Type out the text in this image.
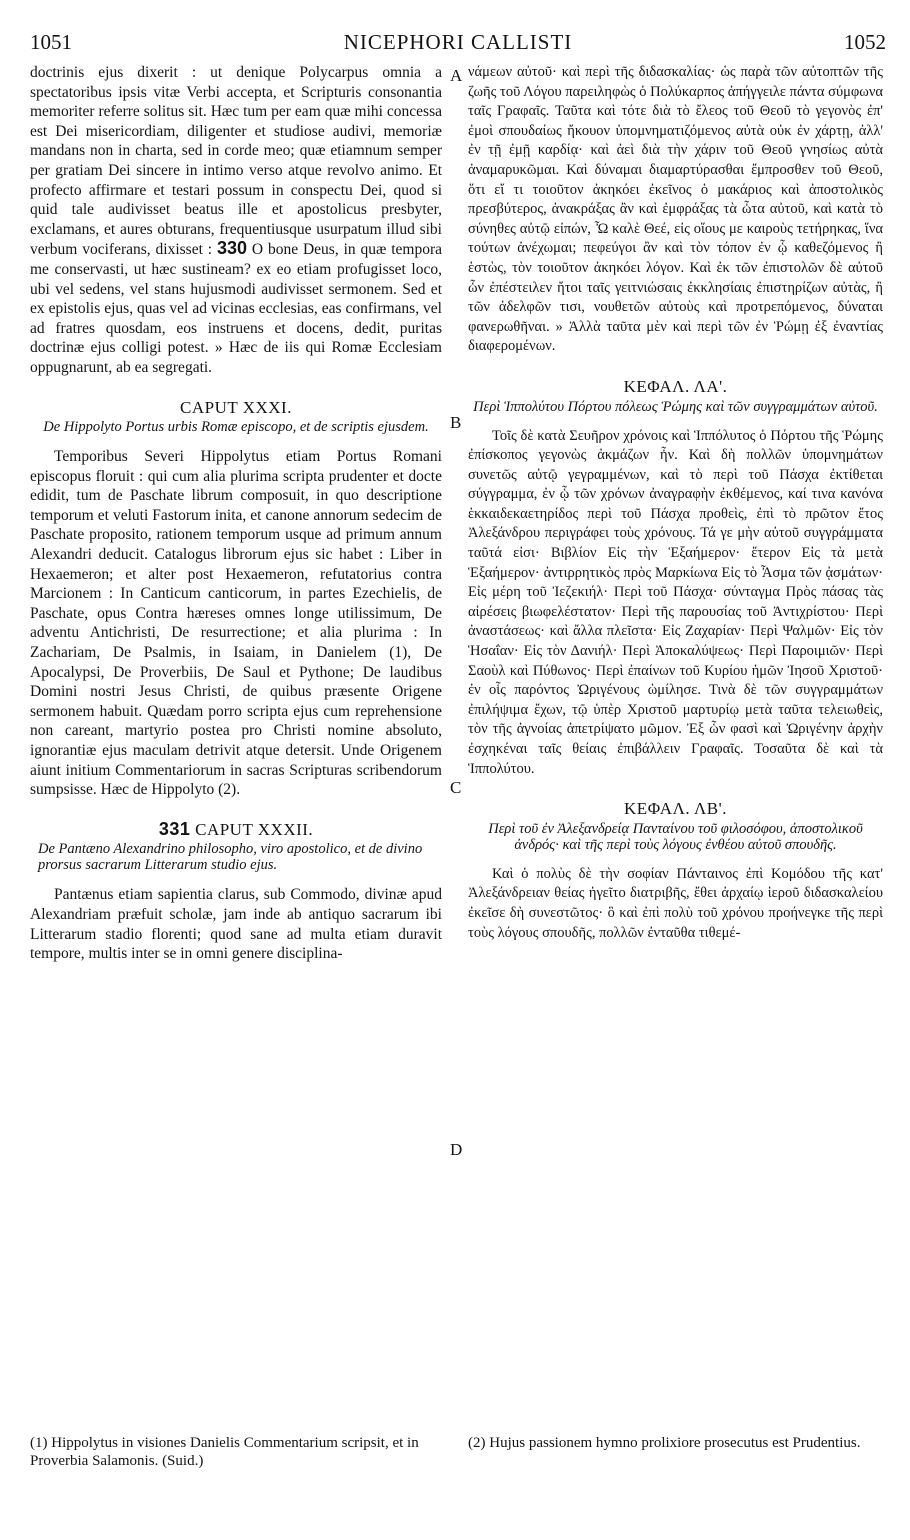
1051	NICEPHORI CALLISTI	1052

doctrinis ejus dixerit : ut denique Polycarpus omnia a spectatoribus ipsis vitæ Verbi accepta, et Scripturis consonantia memoriter referre solitus sit. Hæc tum per eam quæ mihi concessa est Dei misericordiam, diligenter et studiose audivi, memoriæ mandans non in charta, sed in corde meo; quæ etiamnum semper per gratiam Dei sincere in intimo verso atque revolvo animo. Et profecto affirmare et testari possum in conspectu Dei, quod si quid tale audivisset beatus ille et apostolicus presbyter, exclamans, et aures obturans, frequentiusque usurpatum illud sibi verbum vociferans, dixisset : 330 O bone Deus, in quæ tempora me conservasti, ut hæc sustineam? ex eo etiam profugisset loco, ubi vel sedens, vel stans hujusmodi audivisset sermonem. Sed et ex epistolis ejus, quas vel ad vicinas ecclesias, eas confirmans, vel ad fratres quosdam, eos instruens et docens, dedit, puritas doctrinæ ejus colligi potest. » Hæc de iis qui Romæ Ecclesiam oppugnarunt, ab ea segregati.

CAPUT XXXI.
De Hippolyto Portus urbis Romæ episcopo, et de scriptis ejusdem.

Temporibus Severi Hippolytus etiam Portus Romani episcopus floruit : qui cum alia plurima scripta prudenter et docte edidit, tum de Paschate librum composuit, in quo descriptione temporum et veluti Fastorum inita, et canone annorum sedecim de Paschate proposito, rationem temporum usque ad primum annum Alexandri deducit. Catalogus librorum ejus sic habet : Liber in Hexaemeron; et alter post Hexaemeron, refutatorius contra Marcionem : In Canticum canticorum, in partes Ezechielis, de Paschate, opus Contra hæreses omnes longe utilissimum, De adventu Antichristi, De resurrectione; et alia plurima : In Zachariam, De Psalmis, in Isaiam, in Danielem (1), De Apocalypsi, De Proverbiis, De Saul et Pythone; De laudibus Domini nostri Jesus Christi, de quibus præsente Origene sermonem habuit. Quædam porro scripta ejus cum reprehensione non careant, martyrio postea pro Christi nomine absoluto, ignorantiæ ejus maculam detrivit atque detersit. Unde Origenem aiunt initium Commentariorum in sacras Scripturas scribendorum sumpsisse. Hæc de Hippolyto (2).

331 CAPUT XXXII.
De Pantæno Alexandrino philosopho, viro apostolico, et de divino prorsus sacrarum Litterarum studio ejus.

Pantænus etiam sapientia clarus, sub Commodo, divinæ apud Alexandriam præfuit scholæ, jam inde ab antiquo sacrarum ibi Litterarum stadio florenti; quod sane ad multa etiam duravit tempore, multis inter se in omni genere disciplina-

A
B
C
D

νάμεων αὐτοῦ· καὶ περὶ τῆς διδασκαλίας· ὡς παρὰ τῶν αὐτοπτῶν τῆς ζωῆς τοῦ Λόγου παρειληφὼς ὁ Πολύκαρπος ἀπήγγειλε πάντα σύμφωνα ταῖς Γραφαῖς. Ταῦτα καὶ τότε διὰ τὸ ἔλεος τοῦ Θεοῦ τὸ γεγονὸς ἐπ' ἐμοὶ σπουδαίως ἤκουον ὑπομνηματιζόμενος αὐτὰ οὐκ ἐν χάρτῃ, ἀλλ' ἐν τῇ ἐμῇ καρδίᾳ· καὶ ἀεὶ διὰ τὴν χάριν τοῦ Θεοῦ γνησίως αὐτὰ ἀναμαρυκῶμαι. Καὶ δύναμαι διαμαρτύρασθαι ἔμπροσθεν τοῦ Θεοῦ, ὅτι εἴ τι τοιοῦτον ἀκηκόει ἐκεῖνος ὁ μακάριος καὶ ἀποστολικὸς πρεσβύτερος, ἀνακράξας ἂν καὶ ἐμφράξας τὰ ὦτα αὐτοῦ, καὶ κατὰ τὸ σύνηθες αὐτῷ εἰπών, Ὦ καλὲ Θεέ, εἰς οἵους με καιροὺς τετήρηκας, ἵνα τούτων ἀνέχωμαι; πεφεύγοι ἂν καὶ τὸν τόπον ἐν ᾧ καθεζόμενος ἢ ἑστὼς, τὸν τοιοῦτον ἀκηκόει λόγον. Καὶ ἐκ τῶν ἐπιστολῶν δὲ αὐτοῦ ὧν ἐπέστειλεν ἤτοι ταῖς γειτνιώσαις ἐκκλησίαις ἐπιστηρίζων αὐτὰς, ἢ τῶν ἀδελφῶν τισι, νουθετῶν αὐτοὺς καὶ προτρεπόμενος, δύναται φανερωθῆναι. » Ἀλλὰ ταῦτα μὲν καὶ περὶ τῶν ἐν Ῥώμῃ ἐξ ἐναντίας διαφερομένων.

ΚΕΦΑΛ. ΛΑ'.
Περὶ Ἱππολύτου Πόρτου πόλεως Ῥώμης καὶ τῶν συγγραμμάτων αὐτοῦ.

Τοῖς δὲ κατὰ Σευῆρον χρόνοις καὶ Ἱππόλυτος ὁ Πόρτου τῆς Ῥώμης ἐπίσκοπος γεγονὼς ἀκμάζων ἦν. Καὶ δὴ πολλῶν ὑπομνημάτων συνετῶς αὐτῷ γεγραμμένων, καὶ τὸ περὶ τοῦ Πάσχα ἐκτίθεται σύγγραμμα, ἐν ᾧ τῶν χρόνων ἀναγραφὴν ἐκθέμενος, καί τινα κανόνα ἑκκαιδεκαετηρίδος περὶ τοῦ Πάσχα προθεὶς, ἐπὶ τὸ πρῶτον ἔτος Ἀλεξάνδρου περιγράφει τοὺς χρόνους. Τά γε μὴν αὐτοῦ συγγράμματα ταῦτά εἰσι· Βιβλίον Εἰς τὴν Ἑξαήμερον· ἕτερον Εἰς τὰ μετὰ Ἑξαήμερον· ἀντιρρητικὸς πρὸς Μαρκίωνα Εἰς τὸ Ἆσμα τῶν ᾀσμάτων· Εἰς μέρη τοῦ Ἰεζεκιήλ· Περὶ τοῦ Πάσχα· σύνταγμα Πρὸς πάσας τὰς αἱρέσεις βιωφελέστατον· Περὶ τῆς παρουσίας τοῦ Ἀντιχρίστου· Περὶ ἀναστάσεως· καὶ ἄλλα πλεῖστα· Εἰς Ζαχαρίαν· Περὶ Ψαλμῶν· Εἰς τὸν Ἡσαΐαν· Εἰς τὸν Δανιήλ· Περὶ Ἀποκαλύψεως· Περὶ Παροιμιῶν· Περὶ Σαοὺλ καὶ Πύθωνος· Περὶ ἐπαίνων τοῦ Κυρίου ἡμῶν Ἰησοῦ Χριστοῦ· ἐν οἷς παρόντος Ὠριγένους ὡμίλησε. Τινὰ δὲ τῶν συγγραμμάτων ἐπιλήψιμα ἔχων, τῷ ὑπὲρ Χριστοῦ μαρτυρίῳ μετὰ ταῦτα τελειωθεὶς, τὸν τῆς ἀγνοίας ἀπετρίψατο μῶμον. Ἐξ ὧν φασὶ καὶ Ὠριγένην ἀρχὴν ἐσχηκέναι ταῖς θείαις ἐπιβάλλειν Γραφαῖς. Τοσαῦτα δὲ καὶ τὰ Ἱππολύτου.

ΚΕΦΑΛ. ΛΒ'.
Περὶ τοῦ ἐν Ἀλεξανδρείᾳ Πανταίνου τοῦ φιλοσόφου, ἀποστολικοῦ ἀνδρός· καὶ τῆς περὶ τοὺς λόγους ἐνθέου αὐτοῦ σπουδῆς.

Καὶ ὁ πολὺς δὲ τὴν σοφίαν Πάνταινος ἐπὶ Κομόδου τῆς κατ' Ἀλεξάνδρειαν θείας ἡγεῖτο διατριβῆς, ἔθει ἀρχαίῳ ἱεροῦ διδασκαλείου ἐκεῖσε δὴ συνεστῶτος· ὃ καὶ ἐπὶ πολὺ τοῦ χρόνου προήνεγκε τῆς περὶ τοὺς λόγους σπουδῆς, πολλῶν ἐνταῦθα τιθεμέ-

(1) Hippolytus in visiones Danielis Commentarium scripsit, et in Proverbia Salamonis. (Suid.)
(2) Hujus passionem hymno prolixiore prosecutus est Prudentius.
